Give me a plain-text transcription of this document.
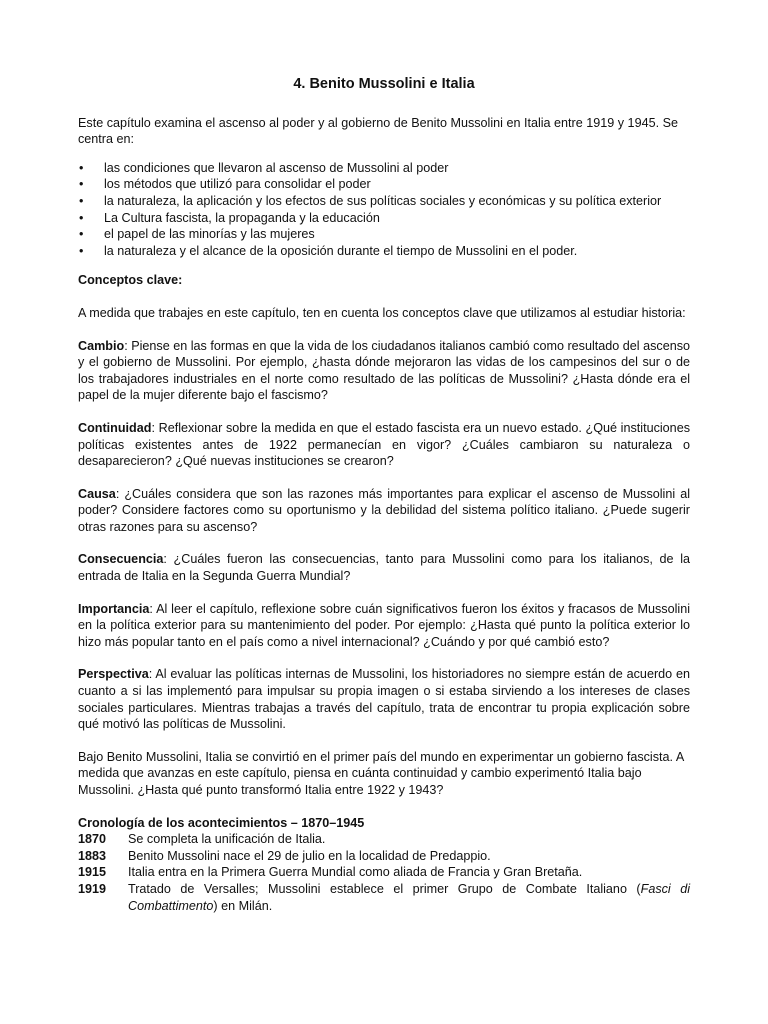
4. Benito Mussolini e Italia

Este capítulo examina el ascenso al poder y al gobierno de Benito Mussolini en Italia entre 1919 y 1945. Se centra en:

• las condiciones que llevaron al ascenso de Mussolini al poder
• los métodos que utilizó para consolidar el poder
• la naturaleza, la aplicación y los efectos de sus políticas sociales y económicas y su política exterior
• La Cultura fascista, la propaganda y la educación
• el papel de las minorías y las mujeres
• la naturaleza y el alcance de la oposición durante el tiempo de Mussolini en el poder.

Conceptos clave:

A medida que trabajes en este capítulo, ten en cuenta los conceptos clave que utilizamos al estudiar historia:

Cambio: Piense en las formas en que la vida de los ciudadanos italianos cambió como resultado del ascenso y el gobierno de Mussolini. Por ejemplo, ¿hasta dónde mejoraron las vidas de los campesinos del sur o de los trabajadores industriales en el norte como resultado de las políticas de Mussolini? ¿Hasta dónde era el papel de la mujer diferente bajo el fascismo?

Continuidad: Reflexionar sobre la medida en que el estado fascista era un nuevo estado. ¿Qué instituciones políticas existentes antes de 1922 permanecían en vigor? ¿Cuáles cambiaron su naturaleza o desaparecieron? ¿Qué nuevas instituciones se crearon?

Causa: ¿Cuáles considera que son las razones más importantes para explicar el ascenso de Mussolini al poder? Considere factores como su oportunismo y la debilidad del sistema político italiano. ¿Puede sugerir otras razones para su ascenso?

Consecuencia: ¿Cuáles fueron las consecuencias, tanto para Mussolini como para los italianos, de la entrada de Italia en la Segunda Guerra Mundial?

Importancia: Al leer el capítulo, reflexione sobre cuán significativos fueron los éxitos y fracasos de Mussolini en la política exterior para su mantenimiento del poder. Por ejemplo: ¿Hasta qué punto la política exterior lo hizo más popular tanto en el país como a nivel internacional? ¿Cuándo y por qué cambió esto?

Perspectiva: Al evaluar las políticas internas de Mussolini, los historiadores no siempre están de acuerdo en cuanto a si las implementó para impulsar su propia imagen o si estaba sirviendo a los intereses de clases sociales particulares. Mientras trabajas a través del capítulo, trata de encontrar tu propia explicación sobre qué motivó las políticas de Mussolini.

Bajo Benito Mussolini, Italia se convirtió en el primer país del mundo en experimentar un gobierno fascista. A medida que avanzas en este capítulo, piensa en cuánta continuidad y cambio experimentó Italia bajo Mussolini. ¿Hasta qué punto transformó Italia entre 1922 y 1943?

Cronología de los acontecimientos – 1870–1945

1870	Se completa la unificación de Italia.
1883	Benito Mussolini nace el 29 de julio en la localidad de Predappio.
1915	Italia entra en la Primera Guerra Mundial como aliada de Francia y Gran Bretaña.
1919	Tratado de Versalles; Mussolini establece el primer Grupo de Combate Italiano (Fasci di Combattimento) en Milán.
